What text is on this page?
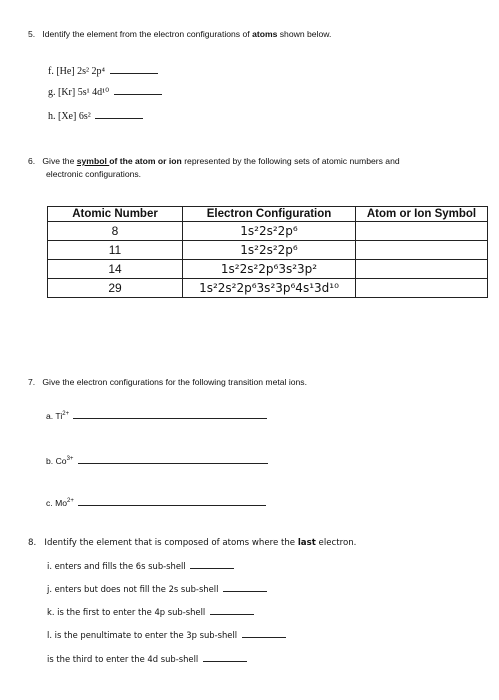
5. Identify the element from the electron configurations of atoms shown below.
f. [He] 2s² 2p⁴
g. [Kr] 5s¹ 4d¹⁰
h. [Xe] 6s²
6. Give the symbol of the atom or ion represented by the following sets of atomic numbers and
electronic configurations.
Atomic Number	Electron Configuration	Atom or Ion Symbol
8	1s²2s²2p⁶	
11	1s²2s²2p⁶	
14	1s²2s²2p⁶3s²3p²	
29	1s²2s²2p⁶3s²3p⁶4s¹3d¹⁰	
7. Give the electron configurations for the following transition metal ions.
a. $Ti^{2+}$
b. $Co^{3+}$
c. $Mo^{2+}$
8. Identify the element that is composed of atoms where the last electron.
i. enters and fills the 6s sub-shell
j. enters but does not fill the 2s sub-shell
k. is the first to enter the 4p sub-shell
l. is the penultimate to enter the 3p sub-shell
is the third to enter the 4d sub-shell
